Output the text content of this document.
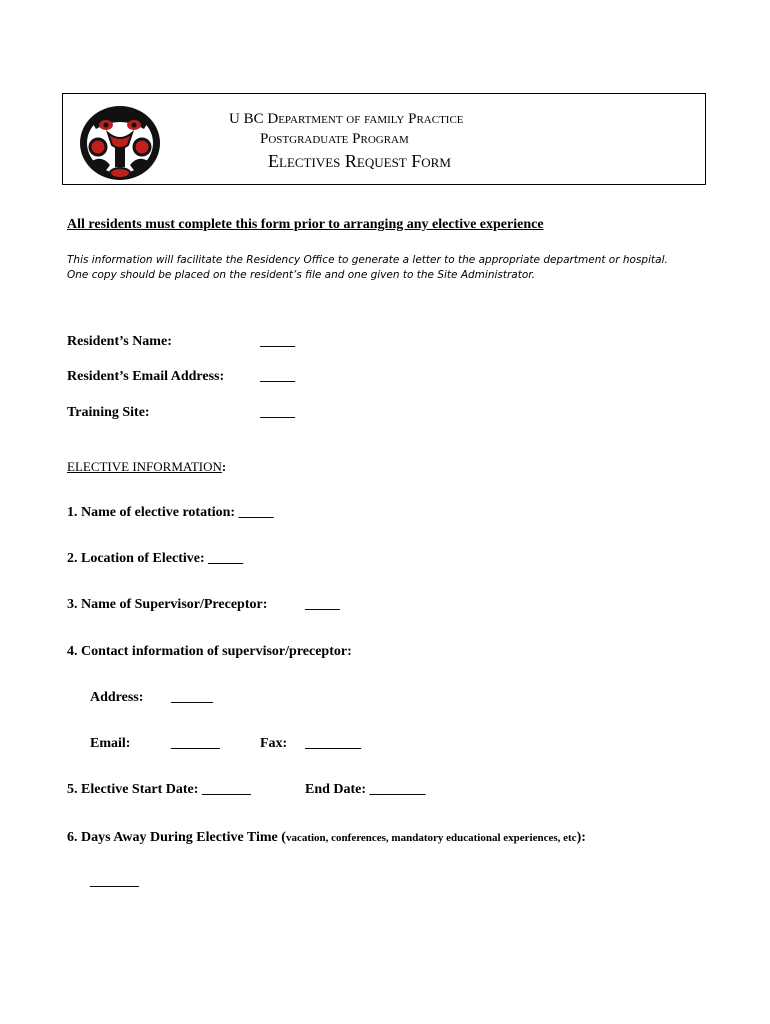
U BC Department of family Practice
Postgraduate Program
Electives Request Form
All residents must complete this form prior to arranging any elective experience
This information will facilitate the Residency Office to generate a letter to the appropriate department or hospital.
One copy should be placed on the resident’s file and one given to the Site Administrator.
Resident’s Name:	_____
Resident’s Email Address:	_____
Training Site:	_____
ELECTIVE INFORMATION:
1. Name of elective rotation: _____
2. Location of Elective: _____
3. Name of Supervisor/Preceptor:	_____
4. Contact information of supervisor/preceptor:
Address: ______
Email:	_______	Fax: ________
5. Elective Start Date: _______	End Date: ________
6. Days Away During Elective Time (vacation, conferences, mandatory educational experiences, etc):
_______
